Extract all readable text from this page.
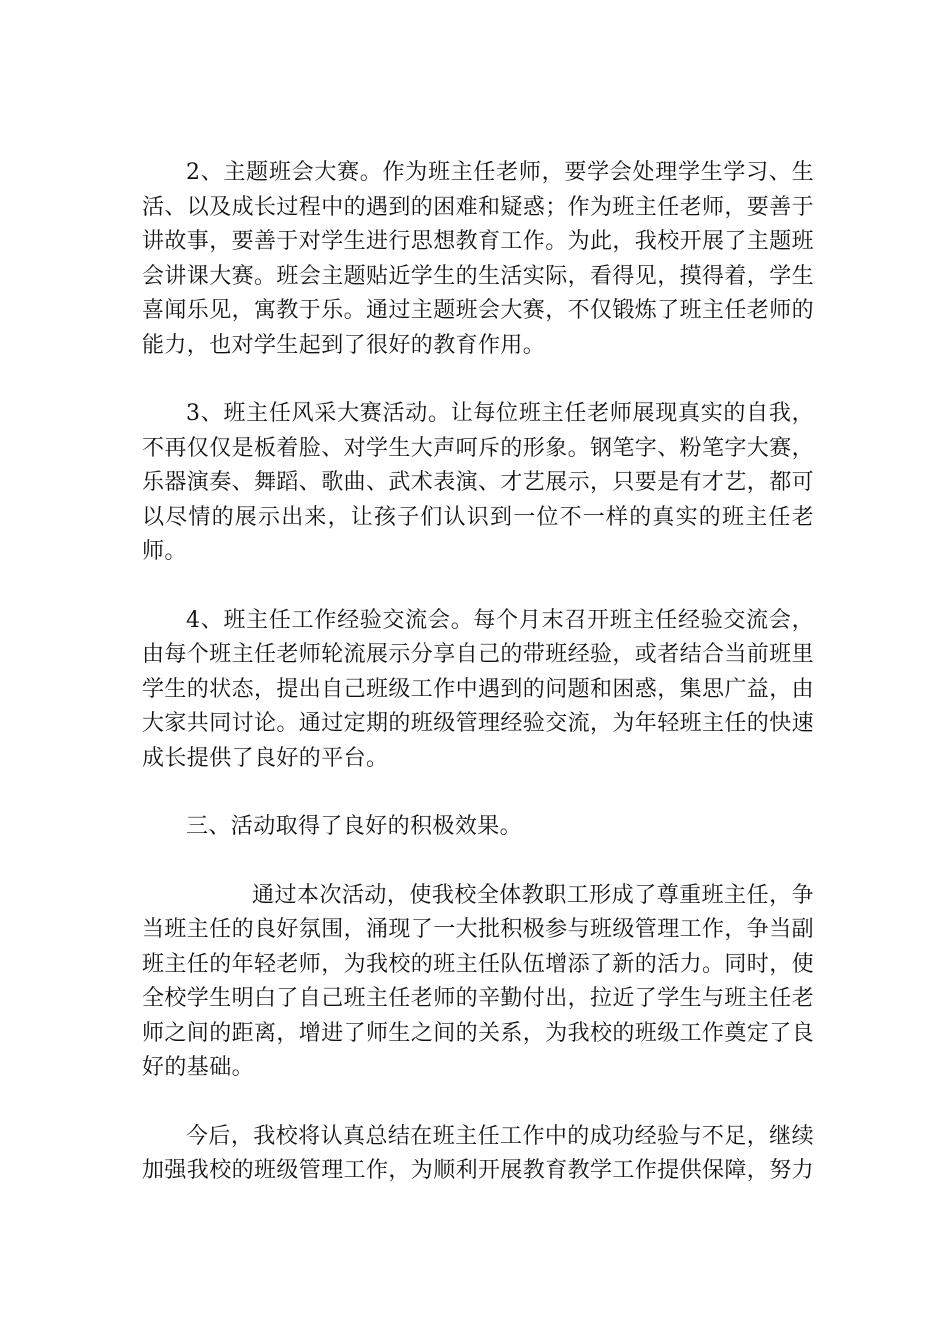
2、主题班会大赛。作为班主任老师，要学会处理学生学习、生活、以及成长过程中的遇到的困难和疑惑；作为班主任老师，要善于讲故事，要善于对学生进行思想教育工作。为此，我校开展了主题班会讲课大赛。班会主题贴近学生的生活实际，看得见，摸得着，学生喜闻乐见，寓教于乐。通过主题班会大赛，不仅锻炼了班主任老师的能力，也对学生起到了很好的教育作用。

3、班主任风采大赛活动。让每位班主任老师展现真实的自我，不再仅仅是板着脸、对学生大声呵斥的形象。钢笔字、粉笔字大赛，乐器演奏、舞蹈、歌曲、武术表演、才艺展示，只要是有才艺，都可以尽情的展示出来，让孩子们认识到一位不一样的真实的班主任老师。

4、班主任工作经验交流会。每个月末召开班主任经验交流会，由每个班主任老师轮流展示分享自己的带班经验，或者结合当前班里学生的状态，提出自己班级工作中遇到的问题和困惑，集思广益，由大家共同讨论。通过定期的班级管理经验交流，为年轻班主任的快速成长提供了良好的平台。

三、活动取得了良好的积极效果。

通过本次活动，使我校全体教职工形成了尊重班主任，争当班主任的良好氛围，涌现了一大批积极参与班级管理工作，争当副班主任的年轻老师，为我校的班主任队伍增添了新的活力。同时，使全校学生明白了自己班主任老师的辛勤付出，拉近了学生与班主任老师之间的距离，增进了师生之间的关系，为我校的班级工作奠定了良好的基础。

今后，我校将认真总结在班主任工作中的成功经验与不足，继续加强我校的班级管理工作，为顺利开展教育教学工作提供保障，努力
